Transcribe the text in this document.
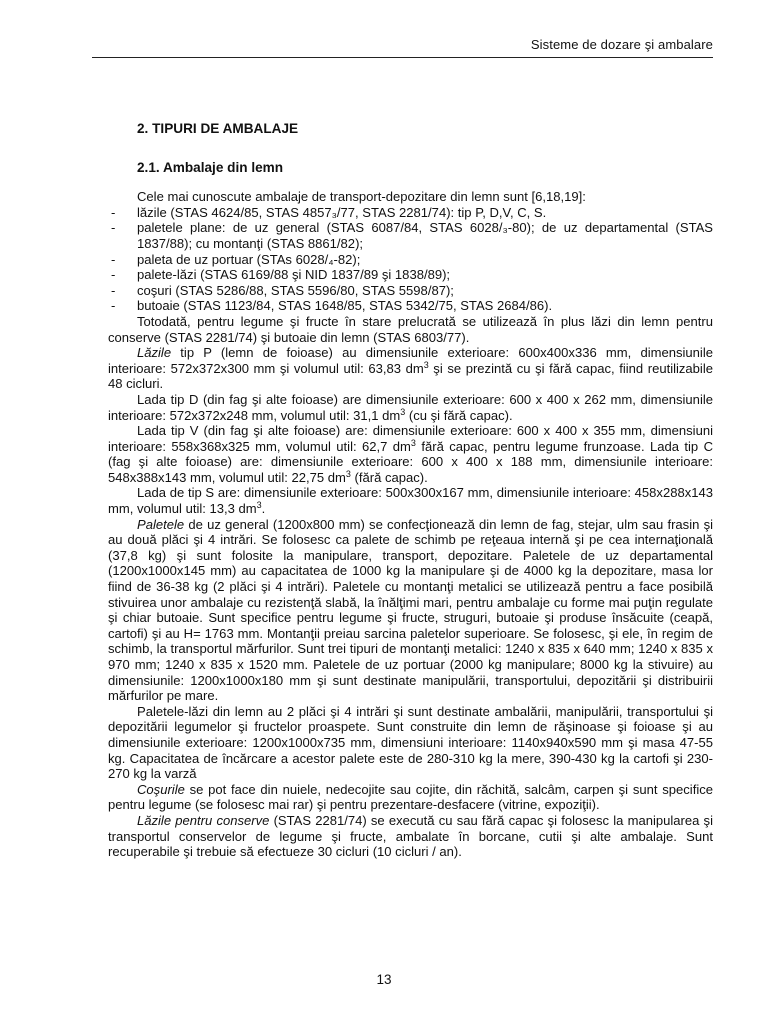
Sisteme de dozare şi ambalare
2. TIPURI DE AMBALAJE
2.1. Ambalaje din lemn

Cele mai cunoscute ambalaje de transport-depozitare din lemn sunt [6,18,19]:

- lăzile (STAS 4624/85, STAS 4857₃/77, STAS 2281/74): tip P, D,V, C, S.
- paletele plane: de uz general (STAS 6087/84, STAS 6028/₃-80); de uz departamental (STAS 1837/88); cu montanţi (STAS 8861/82);
- paleta de uz portuar (STAs 6028/₄-82);
- palete-lăzi (STAS 6169/88 şi NID 1837/89 şi 1838/89);
- coşuri (STAS 5286/88, STAS 5596/80, STAS 5598/87);
- butoaie (STAS 1123/84, STAS 1648/85, STAS 5342/75, STAS 2684/86).

Totodată, pentru legume şi fructe în stare prelucrată se utilizează în plus lăzi din lemn pentru conserve (STAS 2281/74) şi butoaie din lemn (STAS 6803/77).

Lăzile tip P (lemn de foioase) au dimensiunile exterioare: 600x400x336 mm, dimensiunile interioare: 572x372x300 mm şi volumul util: 63,83 $dm^3$ şi se prezintă cu şi fără capac, fiind reutilizabile 48 cicluri.

Lada tip D (din fag şi alte foioase) are dimensiunile exterioare: 600 x 400 x 262 mm, dimensiunile interioare: 572x372x248 mm, volumul util: 31,1 $dm^3$ (cu şi fără capac).

Lada tip V (din fag şi alte foioase) are: dimensiunile exterioare: 600 x 400 x 355 mm, dimensiuni interioare: 558x368x325 mm, volumul util: 62,7 $dm^3$ fără capac, pentru legume frunzoase. Lada tip C (fag şi alte foioase) are: dimensiunile exterioare: 600 x 400 x 188 mm, dimensiunile interioare: 548x388x143 mm, volumul util: 22,75 $dm^3$ (fără capac).

Lada de tip S are: dimensiunile exterioare: 500x300x167 mm, dimensiunile interioare: 458x288x143 mm, volumul util: 13,3 $dm^3$.

Paletele de uz general (1200x800 mm) se confecţionează din lemn de fag, stejar, ulm sau frasin şi au două plăci şi 4 intrări. Se folosesc ca palete de schimb pe reţeaua internă şi pe cea internaţională (37,8 kg) şi sunt folosite la manipulare, transport, depozitare. Paletele de uz departamental (1200x1000x145 mm) au capacitatea de 1000 kg la manipulare şi de 4000 kg la depozitare, masa lor fiind de 36-38 kg (2 plăci şi 4 intrări). Paletele cu montanţi metalici se utilizează pentru a face posibilă stivuirea unor ambalaje cu rezistenţă slabă, la înălţimi mari, pentru ambalaje cu forme mai puţin regulate şi chiar butoaie. Sunt specifice pentru legume şi fructe, struguri, butoaie şi produse însăcuite (ceapă, cartofi) şi au H= 1763 mm. Montanţii preiau sarcina paletelor superioare. Se folosesc, şi ele, în regim de schimb, la transportul mărfurilor. Sunt trei tipuri de montanţi metalici: 1240 x 835 x 640 mm; 1240 x 835 x 970 mm; 1240 x 835 x 1520 mm. Paletele de uz portuar (2000 kg manipulare; 8000 kg la stivuire) au dimensiunile: 1200x1000x180 mm şi sunt destinate manipulării, transportului, depozitării şi distribuirii mărfurilor pe mare.

Paletele-lăzi din lemn au 2 plăci şi 4 intrări şi sunt destinate ambalării, manipulării, transportului şi depozitării legumelor şi fructelor proaspete. Sunt construite din lemn de răşinoase şi foioase şi au dimensiunile exterioare: 1200x1000x735 mm, dimensiuni interioare: 1140x940x590 mm şi masa 47-55 kg. Capacitatea de încărcare a acestor palete este de 280-310 kg la mere, 390-430 kg la cartofi şi 230-270 kg la varză

Coşurile se pot face din nuiele, nedecojite sau cojite, din răchită, salcâm, carpen şi sunt specifice pentru legume (se folosesc mai rar) şi pentru prezentare-desfacere (vitrine, expoziţii).

Lăzile pentru conserve (STAS 2281/74) se execută cu sau fără capac şi folosesc la manipularea şi transportul conservelor de legume şi fructe, ambalate în borcane, cutii şi alte ambalaje. Sunt recuperabile şi trebuie să efectueze 30 cicluri (10 cicluri / an).

13
